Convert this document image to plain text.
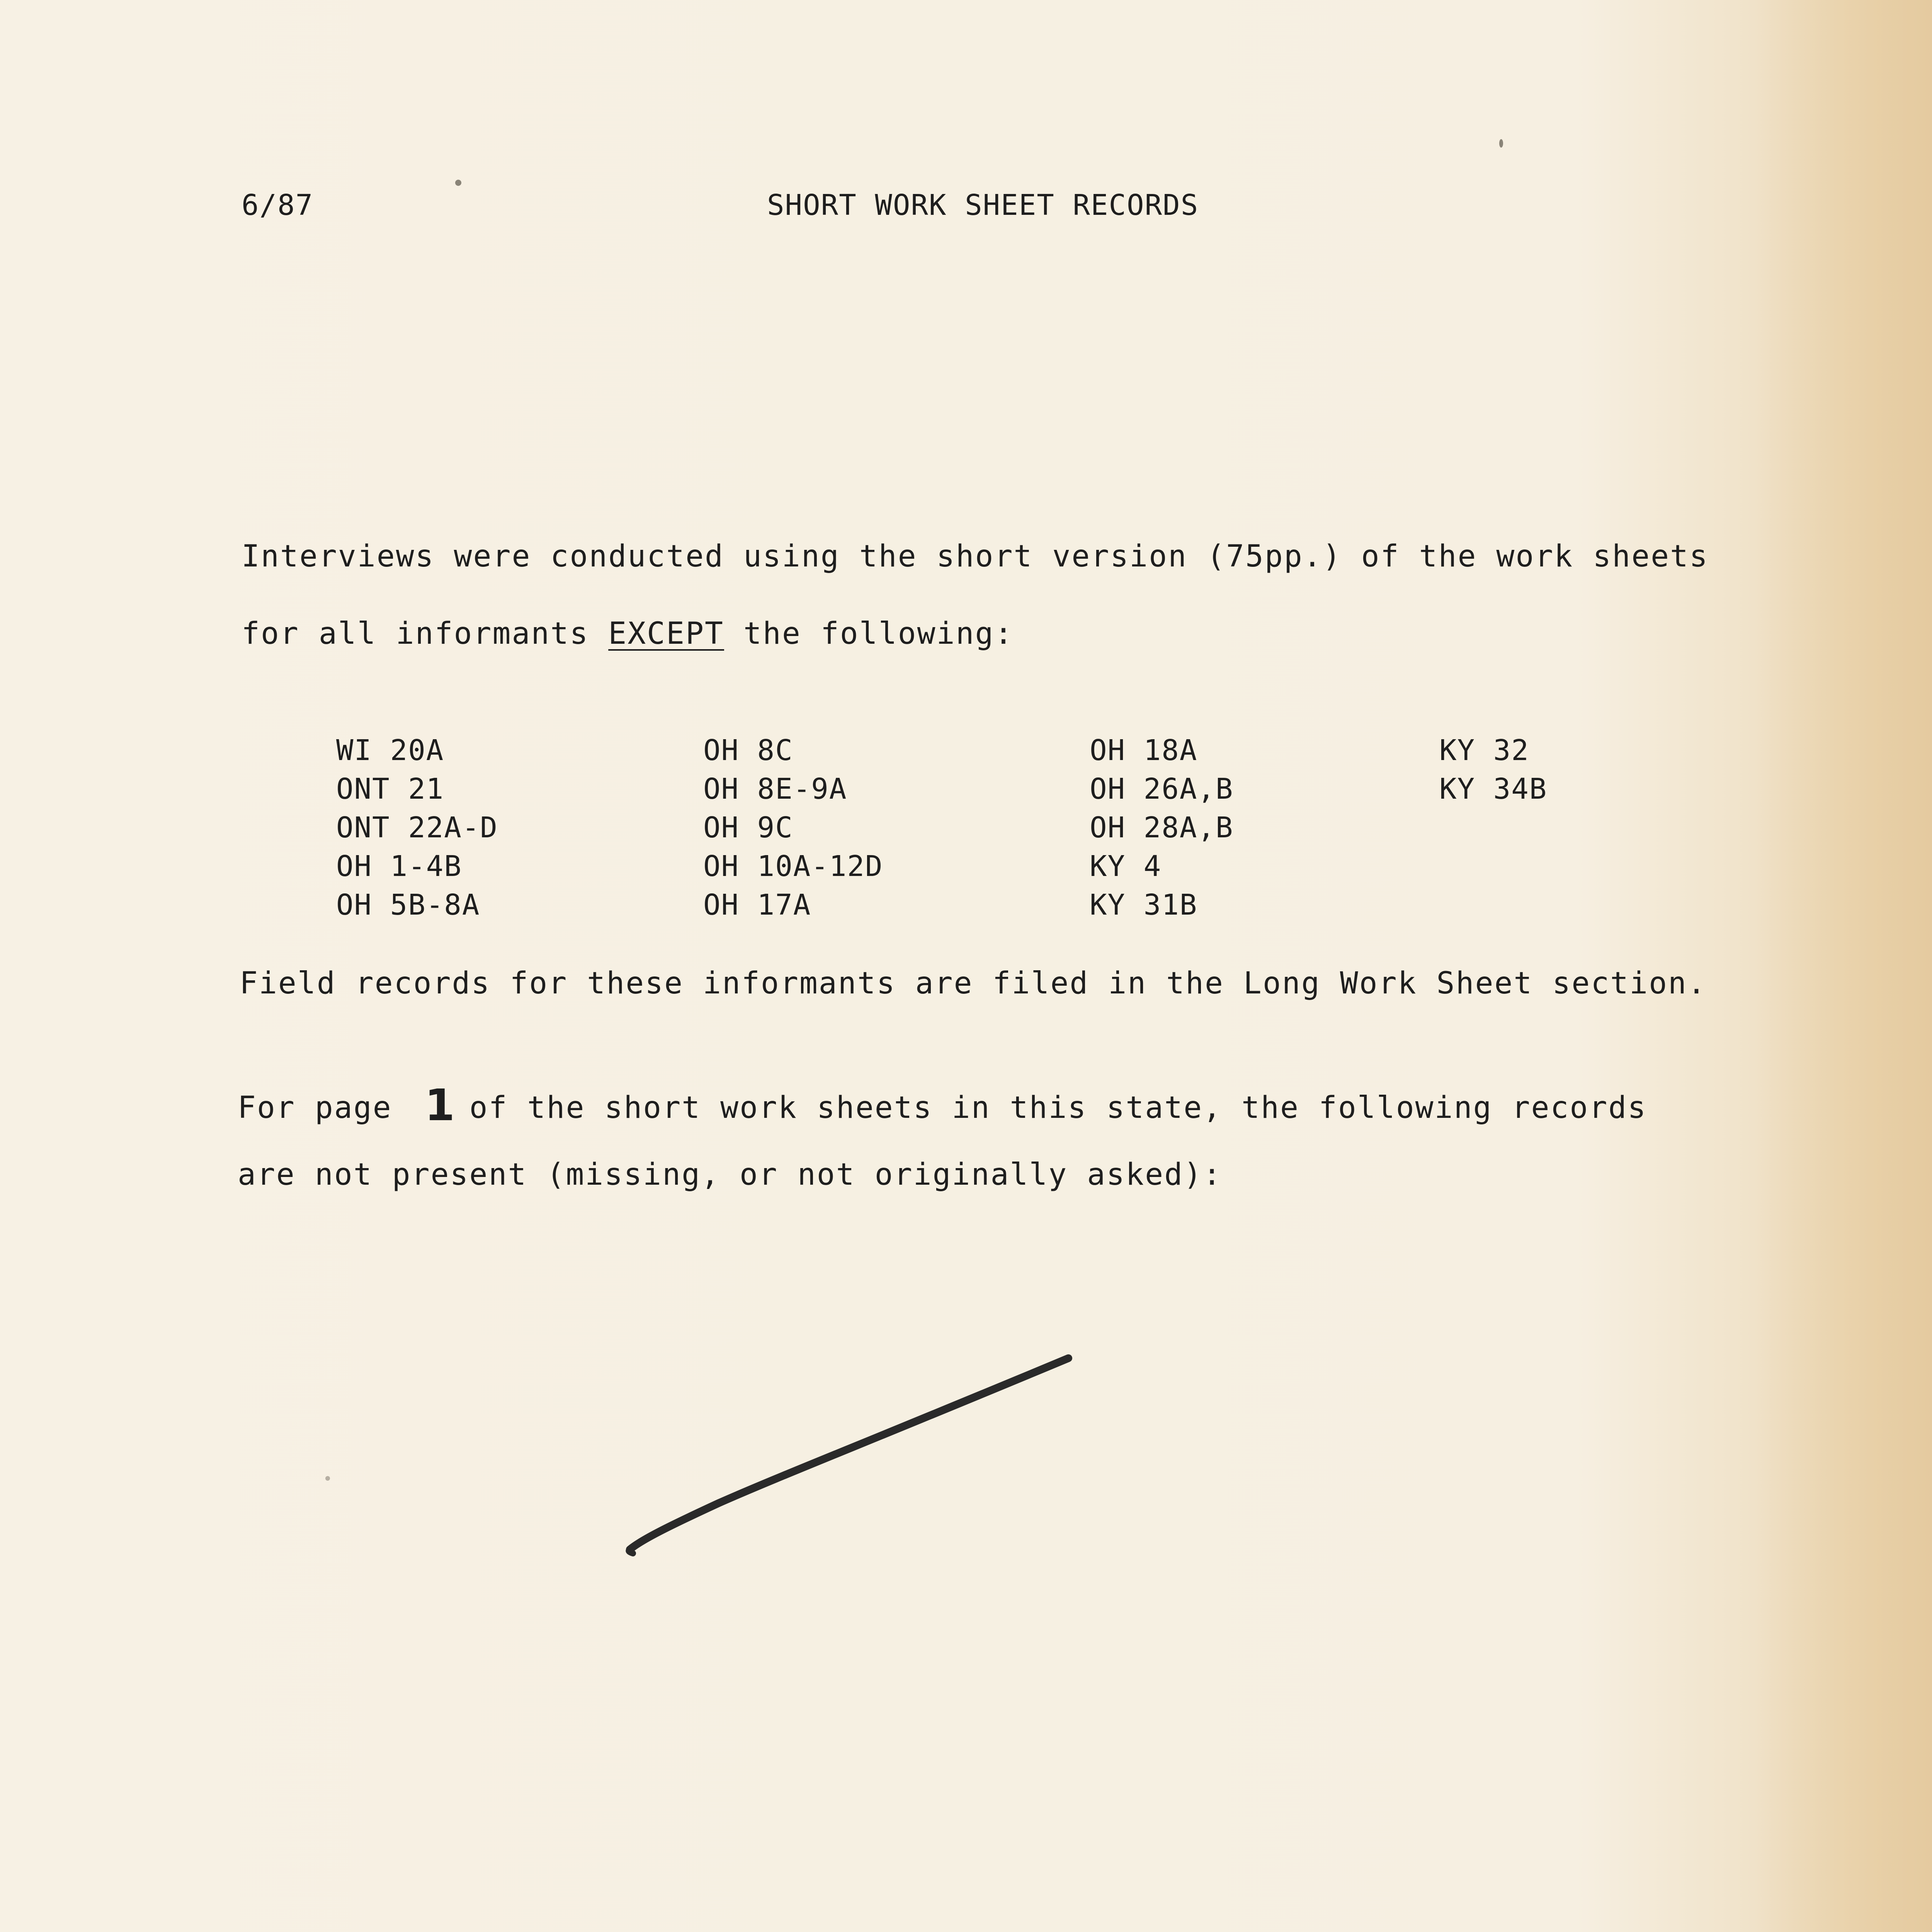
6/87	SHORT WORK SHEET RECORDS
Interviews were conducted using the short version (75pp.) of the work sheets
for all informants EXCEPT the following:
WI 20A
ONT 21
ONT 22A-D
OH 1-4B
OH 5B-8A
OH 8C
OH 8E-9A
OH 9C
OH 10A-12D
OH 17A
OH 18A
OH 26A,B
OH 28A,B
KY 4
KY 31B
KY 32
KY 34B
Field records for these informants are filed in the Long Work Sheet section.
For page 1 of the short work sheets in this state, the following records
are not present (missing, or not originally asked):
